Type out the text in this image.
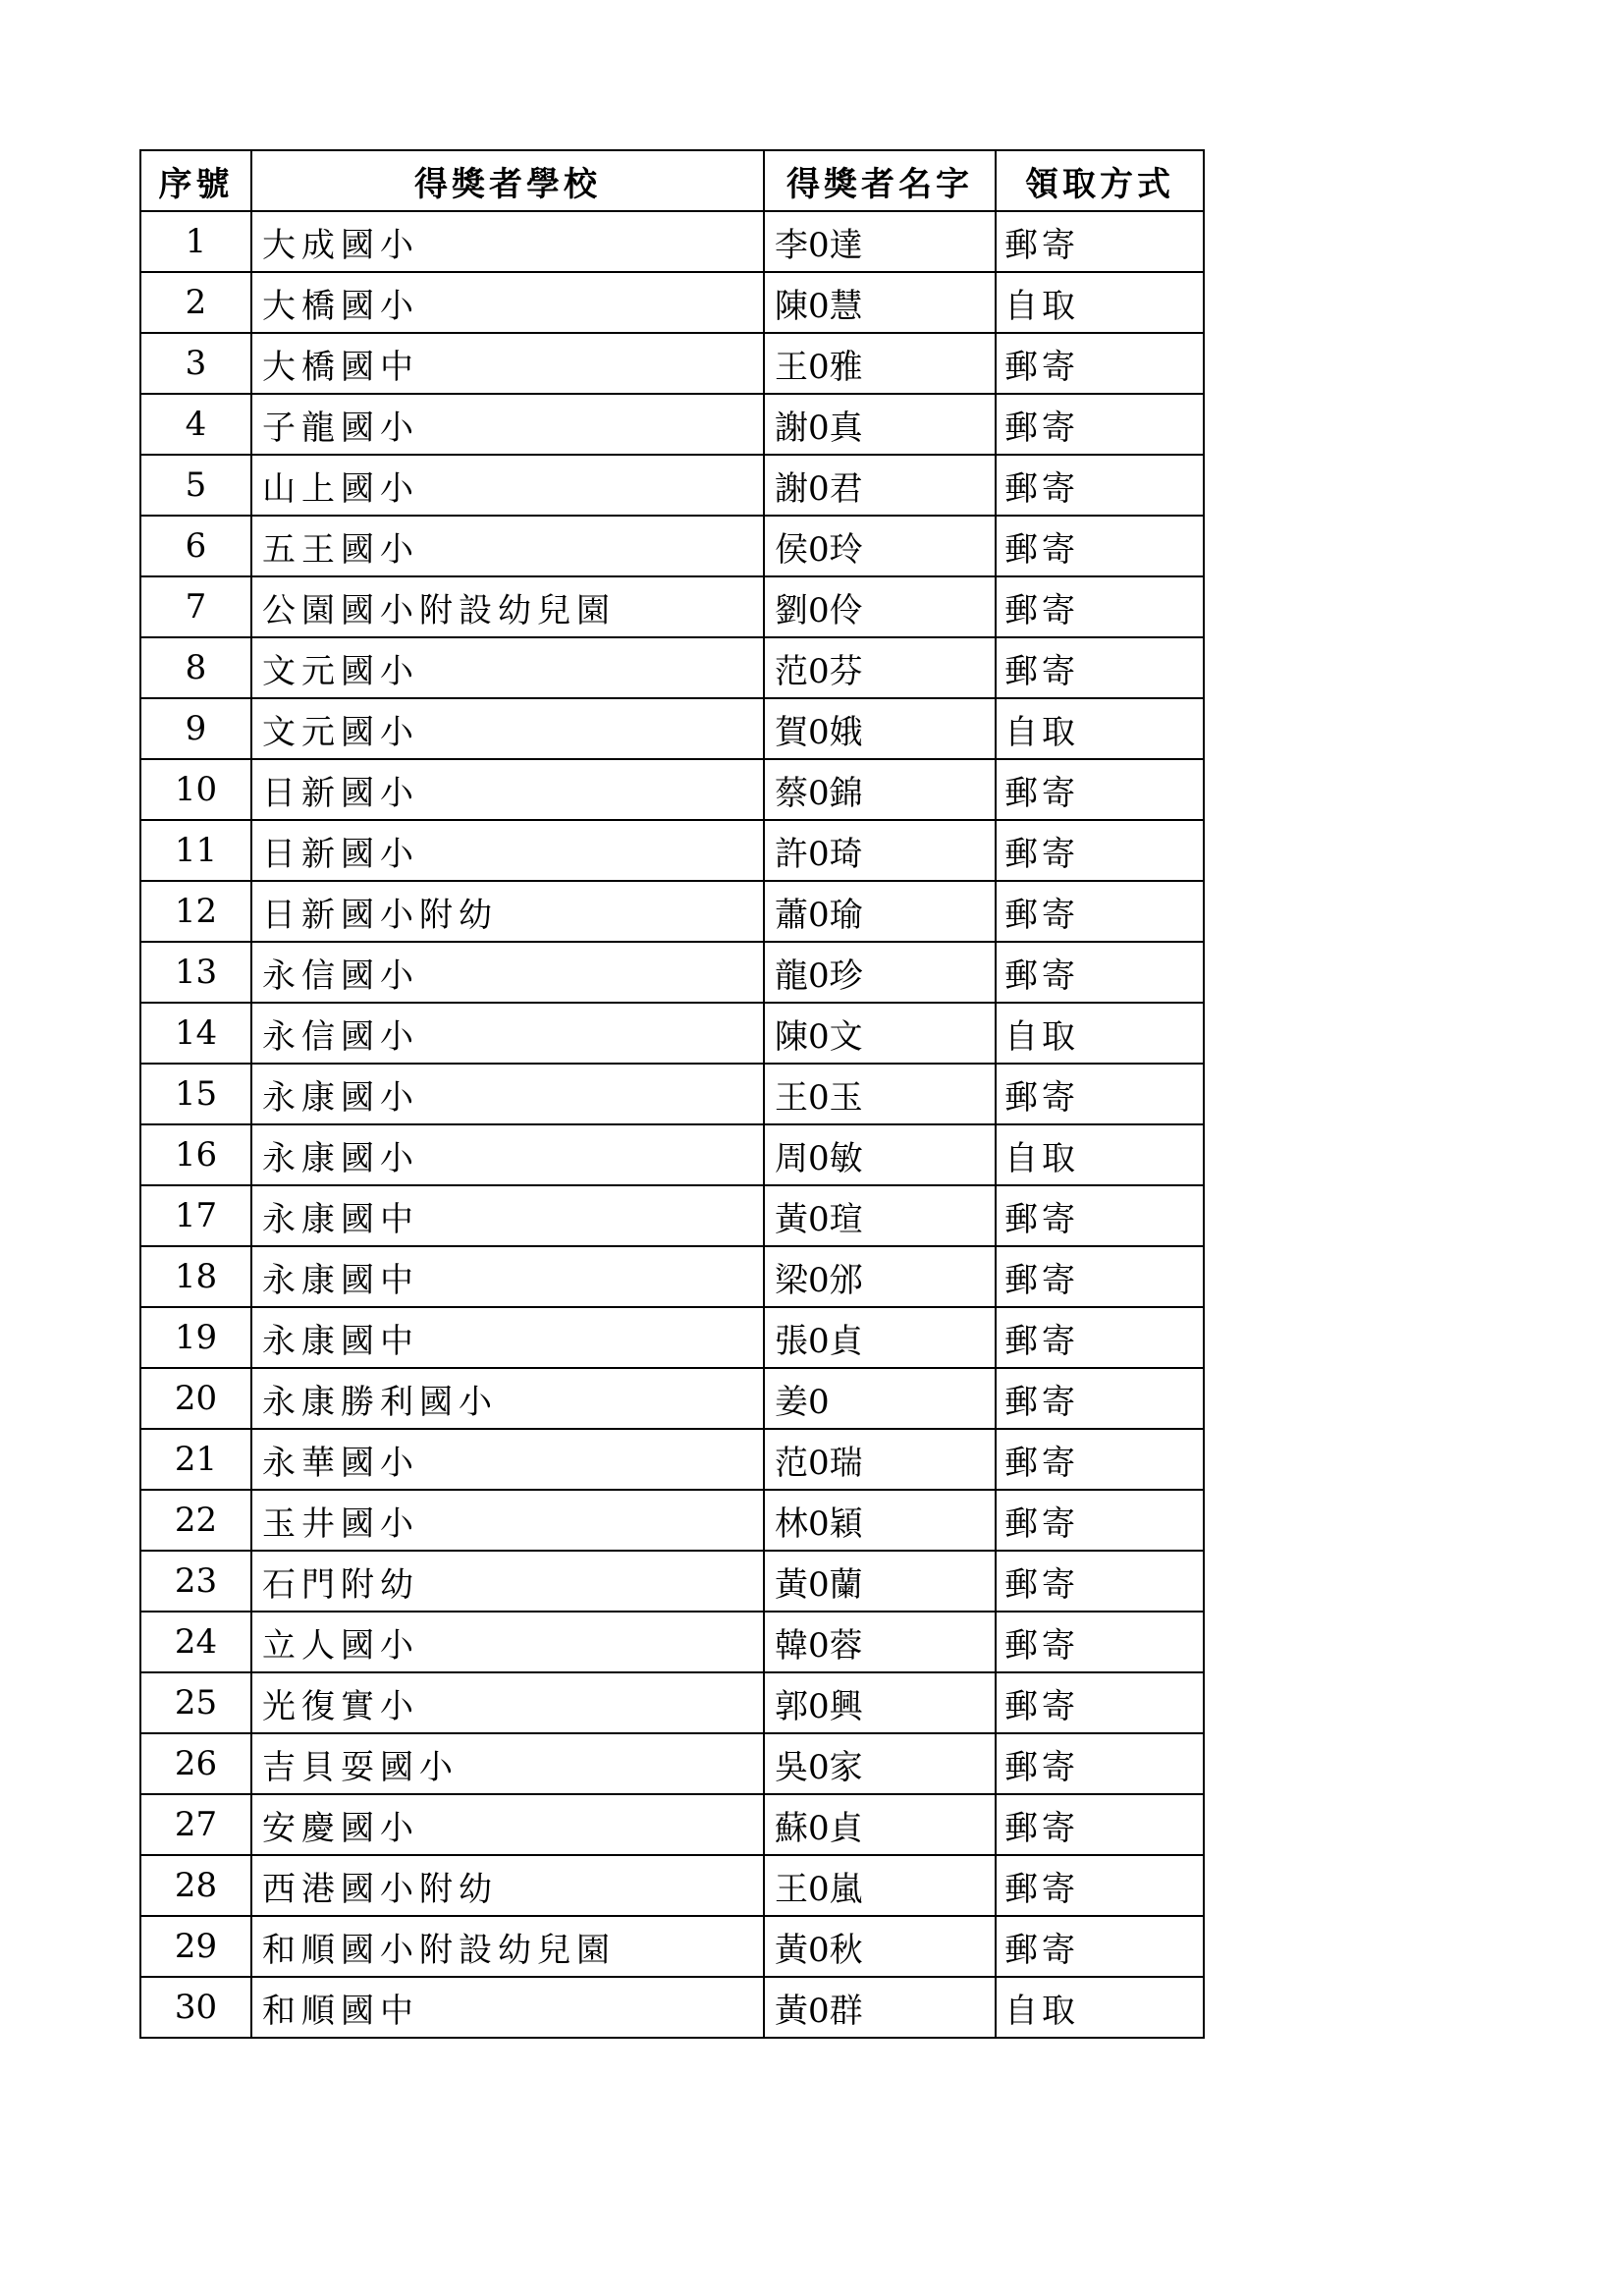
序號	得獎者學校	得獎者名字	領取方式
1	大成國小	李0達	郵寄
2	大橋國小	陳0慧	自取
3	大橋國中	王0雅	郵寄
4	子龍國小	謝0真	郵寄
5	山上國小	謝0君	郵寄
6	五王國小	侯0玲	郵寄
7	公園國小附設幼兒園	劉0伶	郵寄
8	文元國小	范0芬	郵寄
9	文元國小	賀0娥	自取
10	日新國小	蔡0錦	郵寄
11	日新國小	許0琦	郵寄
12	日新國小附幼	蕭0瑜	郵寄
13	永信國小	龍0珍	郵寄
14	永信國小	陳0文	自取
15	永康國小	王0玉	郵寄
16	永康國小	周0敏	自取
17	永康國中	黃0瑄	郵寄
18	永康國中	梁0邠	郵寄
19	永康國中	張0貞	郵寄
20	永康勝利國小	姜0	郵寄
21	永華國小	范0瑞	郵寄
22	玉井國小	林0穎	郵寄
23	石門附幼	黃0蘭	郵寄
24	立人國小	韓0蓉	郵寄
25	光復實小	郭0興	郵寄
26	吉貝耍國小	吳0家	郵寄
27	安慶國小	蘇0貞	郵寄
28	西港國小附幼	王0嵐	郵寄
29	和順國小附設幼兒園	黃0秋	郵寄
30	和順國中	黃0群	自取
